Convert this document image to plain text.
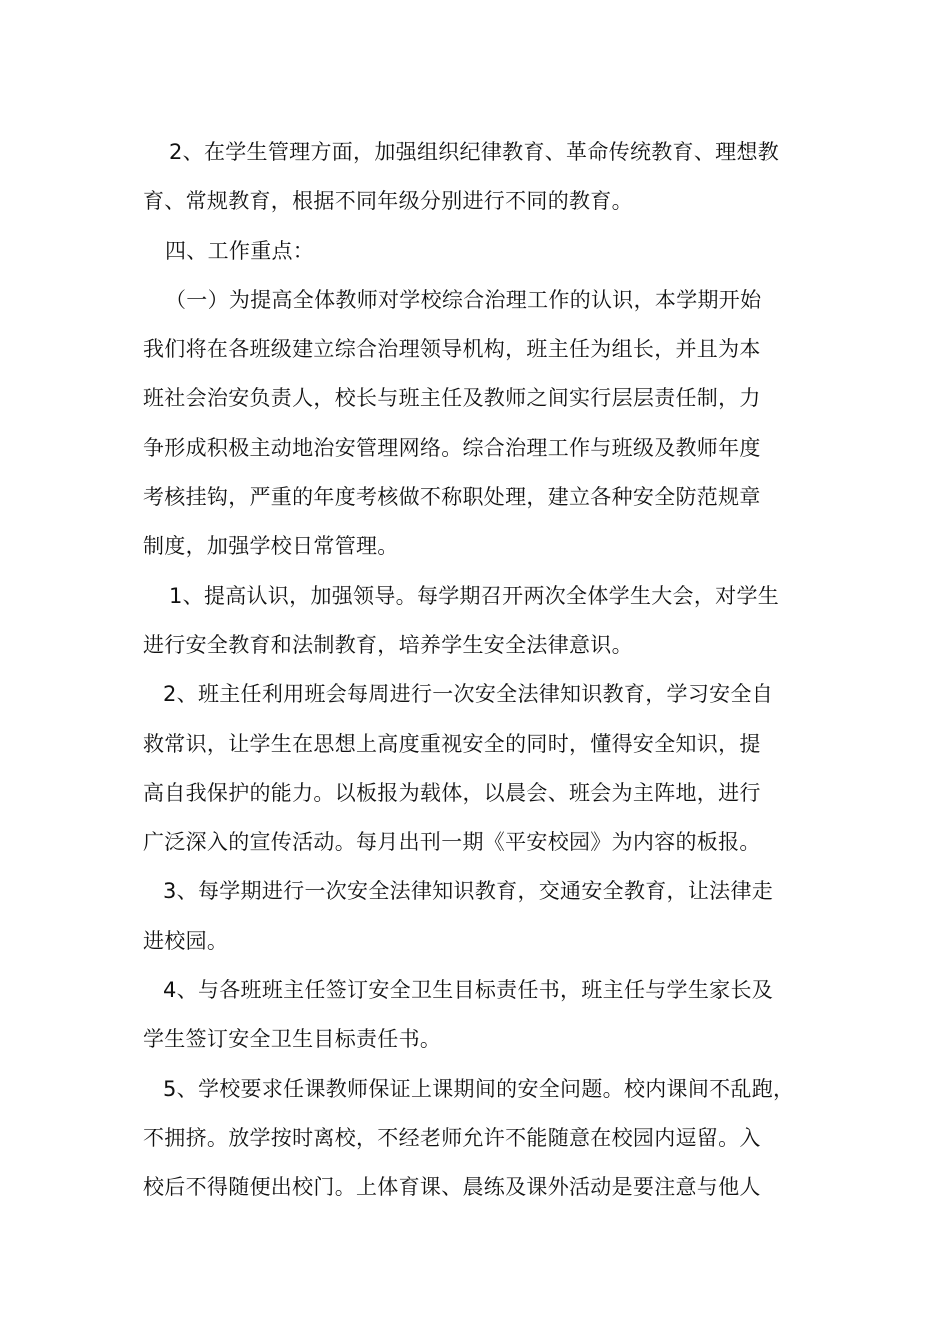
2、在学生管理方面，加强组织纪律教育、革命传统教育、理想教
育、常规教育，根据不同年级分别进行不同的教育。

四、工作重点：

（一）为提高全体教师对学校综合治理工作的认识，本学期开始
我们将在各班级建立综合治理领导机构，班主任为组长，并且为本
班社会治安负责人，校长与班主任及教师之间实行层层责任制，力
争形成积极主动地治安管理网络。综合治理工作与班级及教师年度
考核挂钩，严重的年度考核做不称职处理，建立各种安全防范规章
制度，加强学校日常管理。

1、提高认识，加强领导。每学期召开两次全体学生大会，对学生
进行安全教育和法制教育，培养学生安全法律意识。

2、班主任利用班会每周进行一次安全法律知识教育，学习安全自
救常识，让学生在思想上高度重视安全的同时，懂得安全知识，提
高自我保护的能力。以板报为载体，以晨会、班会为主阵地，进行
广泛深入的宣传活动。每月出刊一期《平安校园》为内容的板报。

3、每学期进行一次安全法律知识教育，交通安全教育，让法律走
进校园。

4、与各班班主任签订安全卫生目标责任书，班主任与学生家长及
学生签订安全卫生目标责任书。

5、学校要求任课教师保证上课期间的安全问题。校内课间不乱跑，
不拥挤。放学按时离校，不经老师允许不能随意在校园内逗留。入
校后不得随便出校门。上体育课、晨练及课外活动是要注意与他人
